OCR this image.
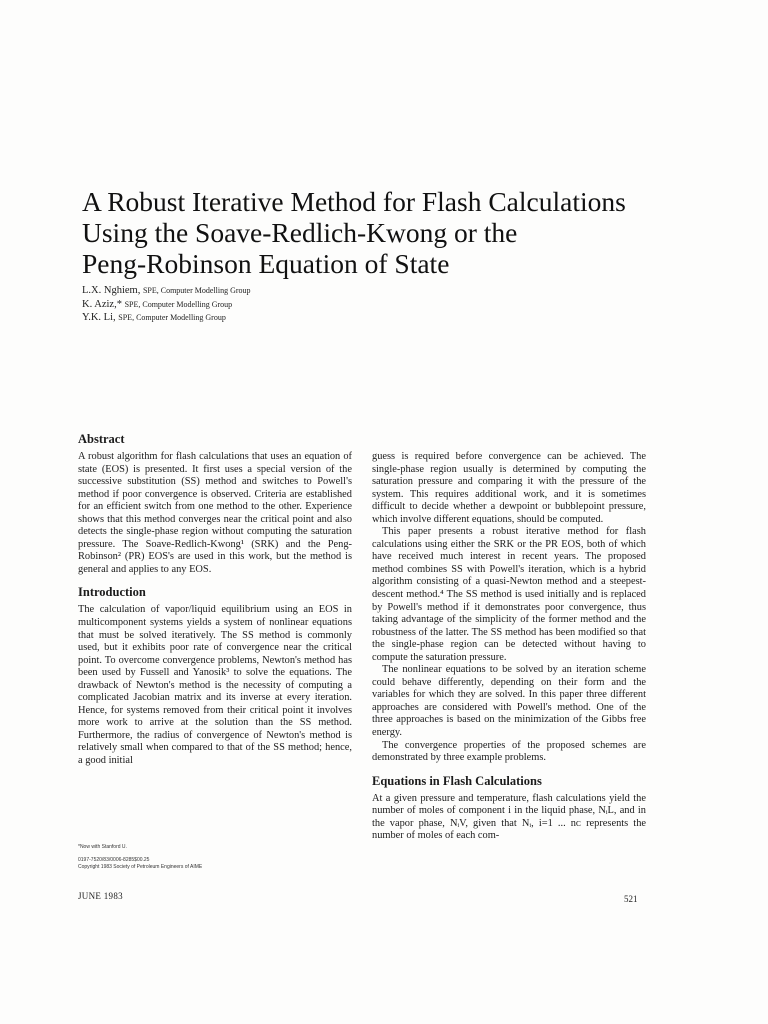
A Robust Iterative Method for Flash Calculations
Using the Soave-Redlich-Kwong or the
Peng-Robinson Equation of State
L.X. Nghiem, SPE, Computer Modelling Group
K. Aziz,* SPE, Computer Modelling Group
Y.K. Li, SPE, Computer Modelling Group
Abstract

A robust algorithm for flash calculations that uses an equation of state (EOS) is presented. It first uses a special version of the successive substitution (SS) method and switches to Powell's method if poor convergence is observed. Criteria are established for an efficient switch from one method to the other. Experience shows that this method converges near the critical point and also detects the single-phase region without computing the saturation pressure. The Soave-Redlich-Kwong¹ (SRK) and the Peng-Robinson² (PR) EOS's are used in this work, but the method is general and applies to any EOS.

Introduction

The calculation of vapor/liquid equilibrium using an EOS in multicomponent systems yields a system of nonlinear equations that must be solved iteratively. The SS method is commonly used, but it exhibits poor rate of convergence near the critical point. To overcome convergence problems, Newton's method has been used by Fussell and Yanosik³ to solve the equations. The drawback of Newton's method is the necessity of computing a complicated Jacobian matrix and its inverse at every iteration. Hence, for systems removed from their critical point it involves more work to arrive at the solution than the SS method. Furthermore, the radius of convergence of Newton's method is relatively small when compared to that of the SS method; hence, a good initial

guess is required before convergence can be achieved. The single-phase region usually is determined by computing the saturation pressure and comparing it with the pressure of the system. This requires additional work, and it is sometimes difficult to decide whether a dewpoint or bubblepoint pressure, which involve different equations, should be computed.

This paper presents a robust iterative method for flash calculations using either the SRK or the PR EOS, both of which have received much interest in recent years. The proposed method combines SS with Powell's iteration, which is a hybrid algorithm consisting of a quasi-Newton method and a steepest-descent method.⁴ The SS method is used initially and is replaced by Powell's method if it demonstrates poor convergence, thus taking advantage of the simplicity of the former method and the robustness of the latter. The SS method has been modified so that the single-phase region can be detected without having to compute the saturation pressure.

The nonlinear equations to be solved by an iteration scheme could behave differently, depending on their form and the variables for which they are solved. In this paper three different approaches are considered with Powell's method. One of the three approaches is based on the minimization of the Gibbs free energy.

The convergence properties of the proposed schemes are demonstrated by three example problems.

Equations in Flash Calculations

At a given pressure and temperature, flash calculations yield the number of moles of component i in the liquid phase, NᵢL, and in the vapor phase, NᵢV, given that Nᵢ, i=1 ... nᴄ represents the number of moles of each com-

*Now with Stanford U.
0197-7520/83/0006-8285$00.25
Copyright 1983 Society of Petroleum Engineers of AIME
JUNE 1983	521
